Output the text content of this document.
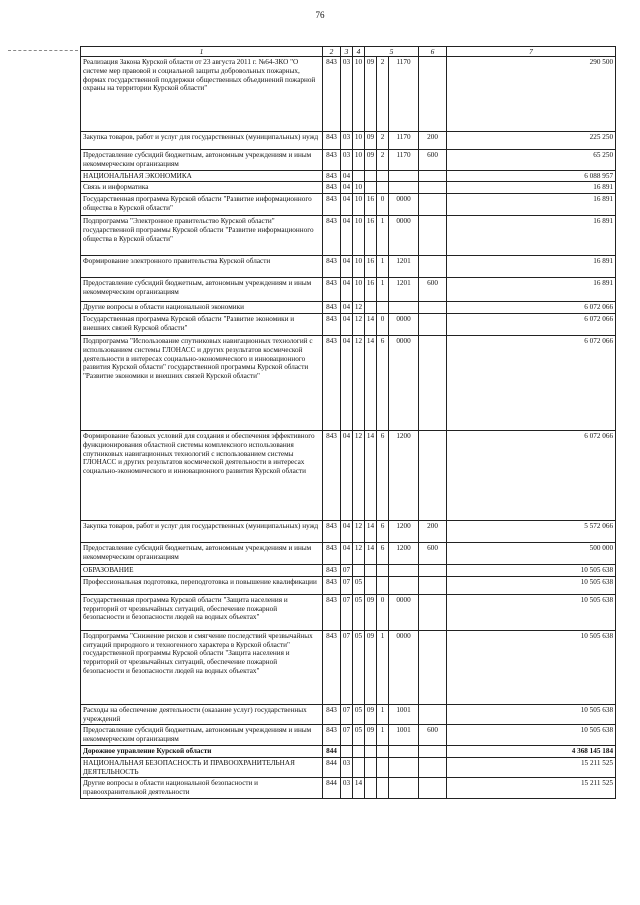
76
1	2	3	4	5			6	7
Реализация Закона Курской области от 23 августа 2011 г. №64-ЗКО "О системе мер правовой и социальной защиты добровольных пожарных, формах государственной поддержки общественных объединений пожарной охраны на территории Курской области"	843	03	10	09	2	1170		290 500
Закупка товаров, работ и услуг для государственных (муниципальных) нужд	843	03	10	09	2	1170	200	225 250
Предоставление субсидий бюджетным, автономным учреждениям и иным некоммерческим организациям	843	03	10	09	2	1170	600	65 250
НАЦИОНАЛЬНАЯ ЭКОНОМИКА	843	04						6 088 957
Связь и информатика	843	04	10					16 891
Государственная программа Курской области "Развитие информационного общества в Курской области"	843	04	10	16	0	0000		16 891
Подпрограмма "Электронное правительство Курской области" государственной программы Курской области "Развитие информационного общества в Курской области"	843	04	10	16	1	0000		16 891
Формирование электронного правительства Курской области	843	04	10	16	1	1201		16 891
Предоставление субсидий бюджетным, автономным учреждениям и иным некоммерческим организациям	843	04	10	16	1	1201	600	16 891
Другие вопросы в области национальной экономики	843	04	12					6 072 066
Государственная программа Курской области "Развитие экономики и внешних связей Курской области"	843	04	12	14	0	0000		6 072 066
Подпрограмма "Использование спутниковых навигационных технологий с использованием системы ГЛОНАСС и других результатов космической деятельности в интересах социально-экономического и инновационного развития Курской области" государственной программы Курской области "Развитие экономики и внешних связей Курской области"	843	04	12	14	6	0000		6 072 066
Формирование базовых условий для создания и обеспечения эффективного функционирования областной системы комплексного использования спутниковых навигационных технологий с использованием системы ГЛОНАСС и других результатов космической деятельности в интересах социально-экономического и инновационного развития Курской области	843	04	12	14	6	1200		6 072 066
Закупка товаров, работ и услуг для государственных (муниципальных) нужд	843	04	12	14	6	1200	200	5 572 066
Предоставление субсидий бюджетным, автономным учреждениям и иным некоммерческим организациям	843	04	12	14	6	1200	600	500 000
ОБРАЗОВАНИЕ	843	07						10 505 638
Профессиональная подготовка, переподготовка и повышение квалификации	843	07	05					10 505 638
Государственная программа Курской области "Защита населения и территорий от чрезвычайных ситуаций, обеспечение пожарной безопасности и безопасности людей на водных объектах"	843	07	05	09	0	0000		10 505 638
Подпрограмма "Снижение рисков и смягчение последствий чрезвычайных ситуаций природного и техногенного характера в Курской области" государственной программы Курской области "Защита населения и территорий от чрезвычайных ситуаций, обеспечение пожарной безопасности и безопасности людей на водных объектах"	843	07	05	09	1	0000		10 505 638
Расходы на обеспечение деятельности (оказание услуг) государственных учреждений	843	07	05	09	1	1001		10 505 638
Предоставление субсидий бюджетным, автономным учреждениям и иным некоммерческим организациям	843	07	05	09	1	1001	600	10 505 638
Дорожное управление Курской области	844							4 368 145 184
НАЦИОНАЛЬНАЯ БЕЗОПАСНОСТЬ И ПРАВООХРАНИТЕЛЬНАЯ ДЕЯТЕЛЬНОСТЬ	844	03						15 211 525
Другие вопросы в области национальной безопасности и правоохранительной деятельности	844	03	14					15 211 525
